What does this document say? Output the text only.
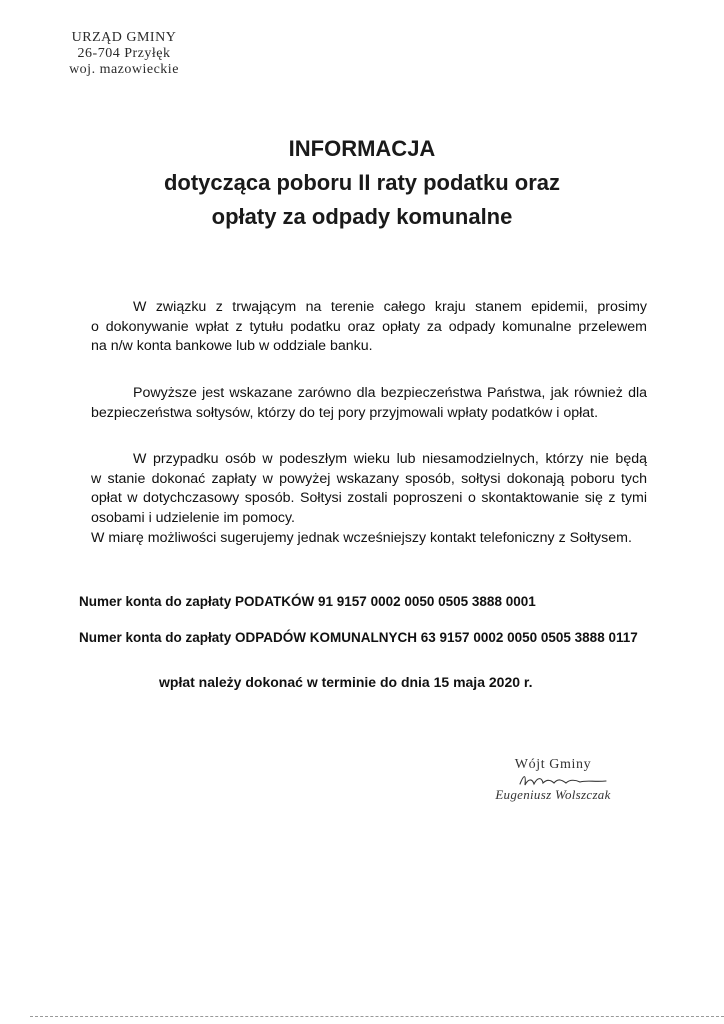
URZĄD GMINY
26-704 Przyłęk
woj. mazowieckie
INFORMACJA
dotycząca poboru II raty podatku oraz
opłaty za odpady komunalne
W związku z trwającym na terenie całego kraju stanem epidemii, prosimy
o dokonywanie wpłat z tytułu podatku oraz opłaty za odpady komunalne przelewem
na n/w konta bankowe lub w oddziale banku.
Powyższe jest wskazane zarówno dla bezpieczeństwa Państwa, jak również dla
bezpieczeństwa sołtysów, którzy do tej pory przyjmowali wpłaty podatków i opłat.
W przypadku osób w podeszłym wieku lub niesamodzielnych, którzy nie będą
w stanie dokonać zapłaty w powyżej wskazany sposób, sołtysi dokonają poboru tych
opłat w dotychczasowy sposób. Sołtysi zostali poproszeni o skontaktowanie się z tymi
osobami i udzielenie im pomocy.
W miarę możliwości sugerujemy jednak wcześniejszy kontakt telefoniczny z Sołtysem.
Numer konta do zapłaty PODATKÓW 91 9157 0002 0050 0505 3888 0001
Numer konta do zapłaty ODPADÓW KOMUNALNYCH 63 9157 0002 0050 0505 3888 0117
wpłat należy dokonać w terminie do dnia 15 maja 2020 r.
Wójt Gminy
Eugeniusz Wolszczak
